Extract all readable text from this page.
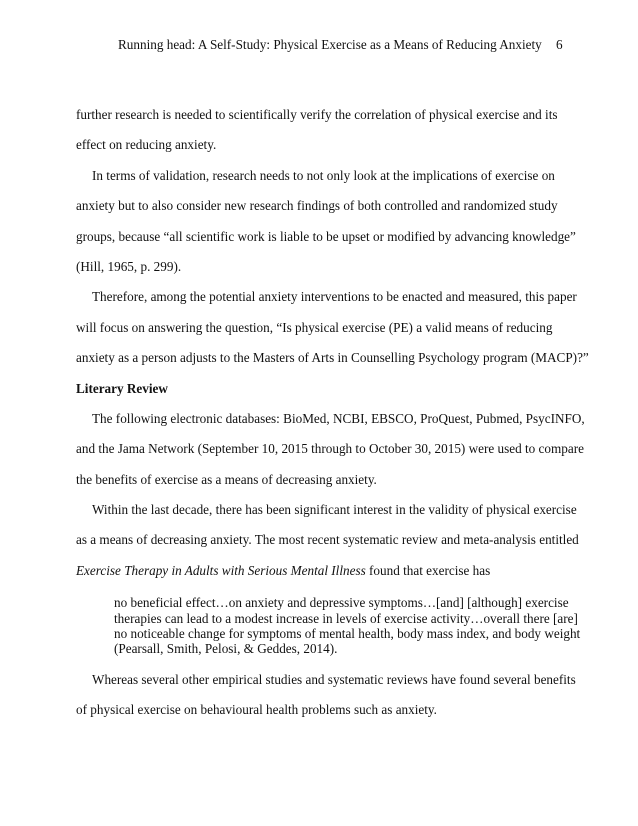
Running head: A Self-Study: Physical Exercise as a Means of Reducing Anxiety 6
further research is needed to scientifically verify the correlation of physical exercise and its
effect on reducing anxiety.
In terms of validation, research needs to not only look at the implications of exercise on
anxiety but to also consider new research findings of both controlled and randomized study
groups, because “all scientific work is liable to be upset or modified by advancing knowledge”
(Hill, 1965, p. 299).
Therefore, among the potential anxiety interventions to be enacted and measured, this paper
will focus on answering the question, “Is physical exercise (PE) a valid means of reducing
anxiety as a person adjusts to the Masters of Arts in Counselling Psychology program (MACP)?”
Literary Review
The following electronic databases: BioMed, NCBI, EBSCO, ProQuest, Pubmed, PsycINFO,
and the Jama Network (September 10, 2015 through to October 30, 2015) were used to compare
the benefits of exercise as a means of decreasing anxiety.
Within the last decade, there has been significant interest in the validity of physical exercise
as a means of decreasing anxiety. The most recent systematic review and meta-analysis entitled
Exercise Therapy in Adults with Serious Mental Illness found that exercise has
no beneficial effect…on anxiety and depressive symptoms…[and] [although] exercise
therapies can lead to a modest increase in levels of exercise activity…overall there [are]
no noticeable change for symptoms of mental health, body mass index, and body weight
(Pearsall, Smith, Pelosi, & Geddes, 2014).
Whereas several other empirical studies and systematic reviews have found several benefits
of physical exercise on behavioural health problems such as anxiety.
